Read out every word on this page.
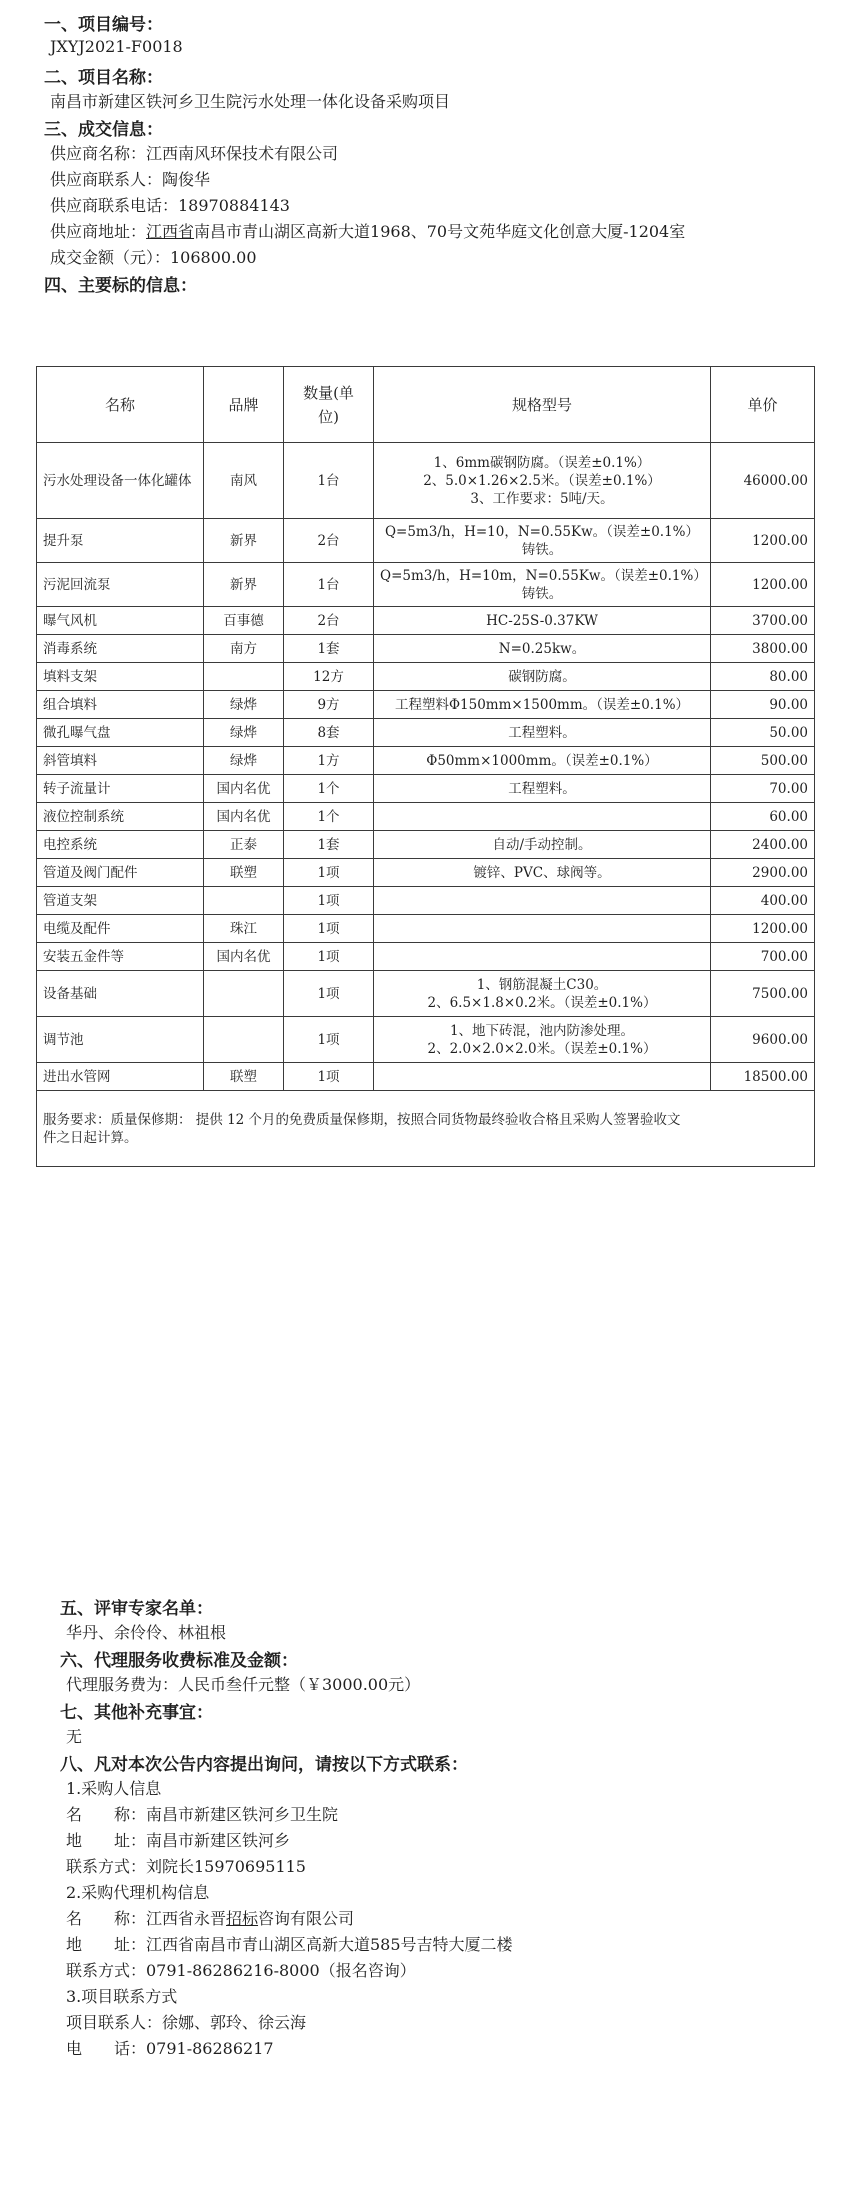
一、项目编号：
JXYJ2021-F0018
二、项目名称：
南昌市新建区铁河乡卫生院污水处理一体化设备采购项目
三、成交信息：
供应商名称：江西南风环保技术有限公司
供应商联系人：陶俊华
供应商联系电话：18970884143
供应商地址：江西省南昌市青山湖区高新大道1968、70号文苑华庭文化创意大厦-1204室
成交金额（元）：106800.00
四、主要标的信息：
名称	品牌	数量(单
位)	规格型号	单价
污水处理设备一体化罐体	南风	1台	1、6mm碳钢防腐。（误差±0.1%）
2、5.0×1.26×2.5米。（误差±0.1%）
3、工作要求：5吨/天。	46000.00
提升泵	新界	2台	Q=5m3/h，H=10，N=0.55Kw。（误差±0.1%）
铸铁。	1200.00
污泥回流泵	新界	1台	Q=5m3/h，H=10m，N=0.55Kw。（误差±0.1%）
铸铁。	1200.00
曝气风机	百事德	2台	HC-25S-0.37KW	3700.00
消毒系统	南方	1套	N=0.25kw。	3800.00
填料支架		12方	碳钢防腐。	80.00
组合填料	绿烨	9方	工程塑料Φ150mm×1500mm。（误差±0.1%）	90.00
微孔曝气盘	绿烨	8套	工程塑料。	50.00
斜管填料	绿烨	1方	Φ50mm×1000mm。（误差±0.1%）	500.00
转子流量计	国内名优	1个	工程塑料。	70.00
液位控制系统	国内名优	1个		60.00
电控系统	正泰	1套	自动/手动控制。	2400.00
管道及阀门配件	联塑	1项	镀锌、PVC、球阀等。	2900.00
管道支架		1项		400.00
电缆及配件	珠江	1项		1200.00
安装五金件等	国内名优	1项		700.00
设备基础		1项	1、钢筋混凝土C30。
2、6.5×1.8×0.2米。（误差±0.1%）	7500.00
调节池		1项	1、地下砖混，池内防渗处理。
2、2.0×2.0×2.0米。（误差±0.1%）	9600.00
进出水管网	联塑	1项		18500.00
服务要求：质量保修期： 提供 12 个月的免费质量保修期，按照合同货物最终验收合格且采购人签署验收文
件之日起计算。				
五、评审专家名单：
华丹、余伶伶、林祖根
六、代理服务收费标准及金额：
代理服务费为：人民币叁仟元整（￥3000.00元）
七、其他补充事宜：
无
八、凡对本次公告内容提出询问，请按以下方式联系：
1.采购人信息
名　　称：南昌市新建区铁河乡卫生院
地　　址：南昌市新建区铁河乡
联系方式：刘院长15970695115
2.采购代理机构信息
名　　称：江西省永晋招标咨询有限公司
地　　址：江西省南昌市青山湖区高新大道585号吉特大厦二楼
联系方式：0791-86286216-8000（报名咨询）
3.项目联系方式
项目联系人：徐娜、郭玲、徐云海
电　　话：0791-86286217
